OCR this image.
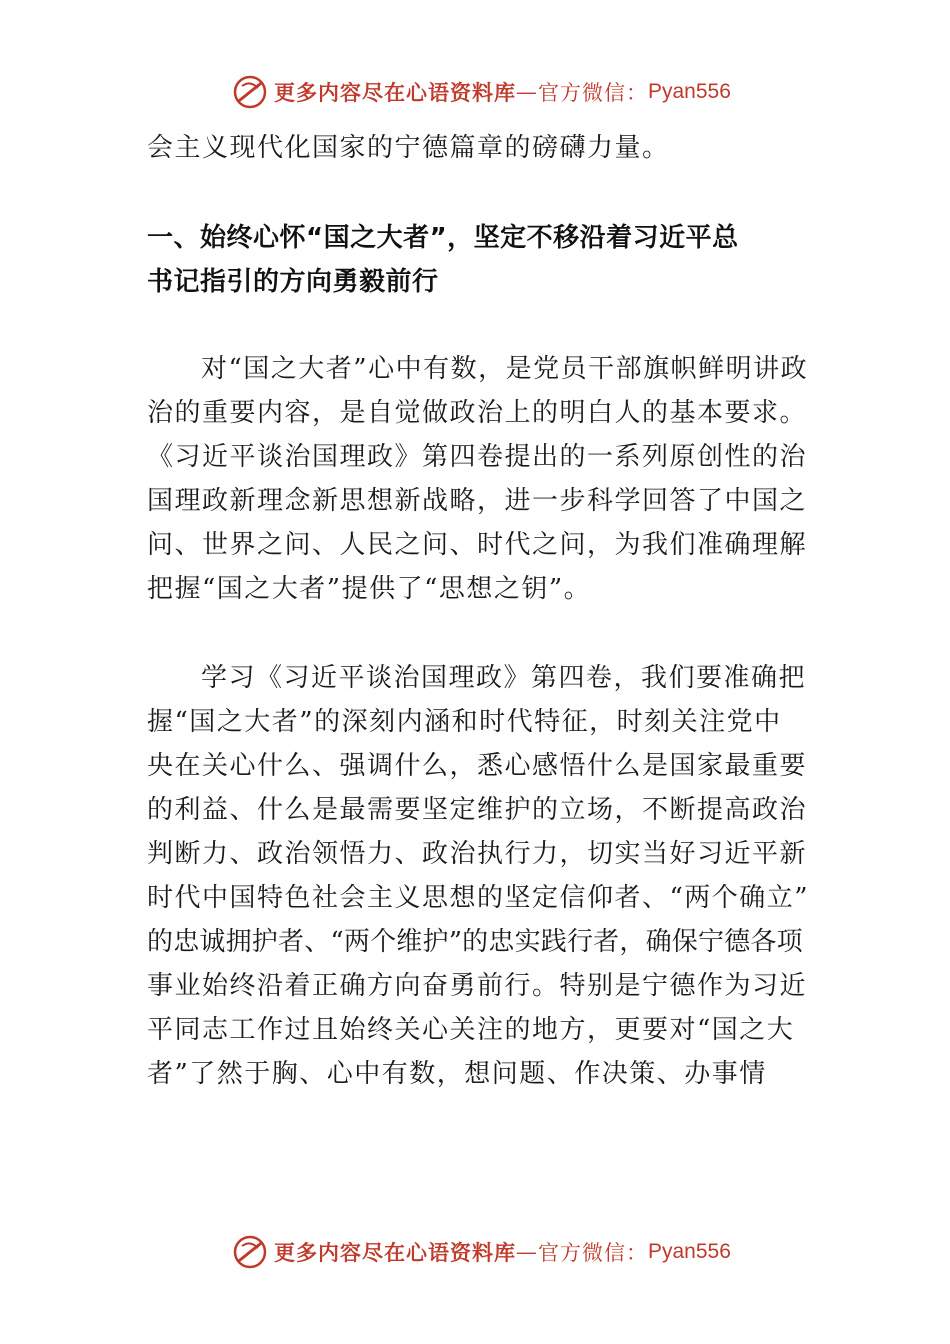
更多内容尽在心语资料库 — 官方微信： Pyan556
会主义现代化国家的宁德篇章的磅礴力量。
一、始终心怀“国之大者”，坚定不移沿着习近平总
书记指引的方向勇毅前行
对“国之大者”心中有数，是党员干部旗帜鲜明讲政
治的重要内容，是自觉做政治上的明白人的基本要求。
《习近平谈治国理政》第四卷提出的一系列原创性的治
国理政新理念新思想新战略，进一步科学回答了中国之
问、世界之问、人民之问、时代之问，为我们准确理解
把握“国之大者”提供了“思想之钥”。
学习《习近平谈治国理政》第四卷，我们要准确把
握“国之大者”的深刻内涵和时代特征，时刻关注党中
央在关心什么、强调什么，悉心感悟什么是国家最重要
的利益、什么是最需要坚定维护的立场，不断提高政治
判断力、政治领悟力、政治执行力，切实当好习近平新
时代中国特色社会主义思想的坚定信仰者、“两个确立”
的忠诚拥护者、“两个维护”的忠实践行者，确保宁德各项
事业始终沿着正确方向奋勇前行。特别是宁德作为习近
平同志工作过且始终关心关注的地方，更要对“国之大
者”了然于胸、心中有数，想问题、作决策、办事情
更多内容尽在心语资料库 — 官方微信： Pyan556
